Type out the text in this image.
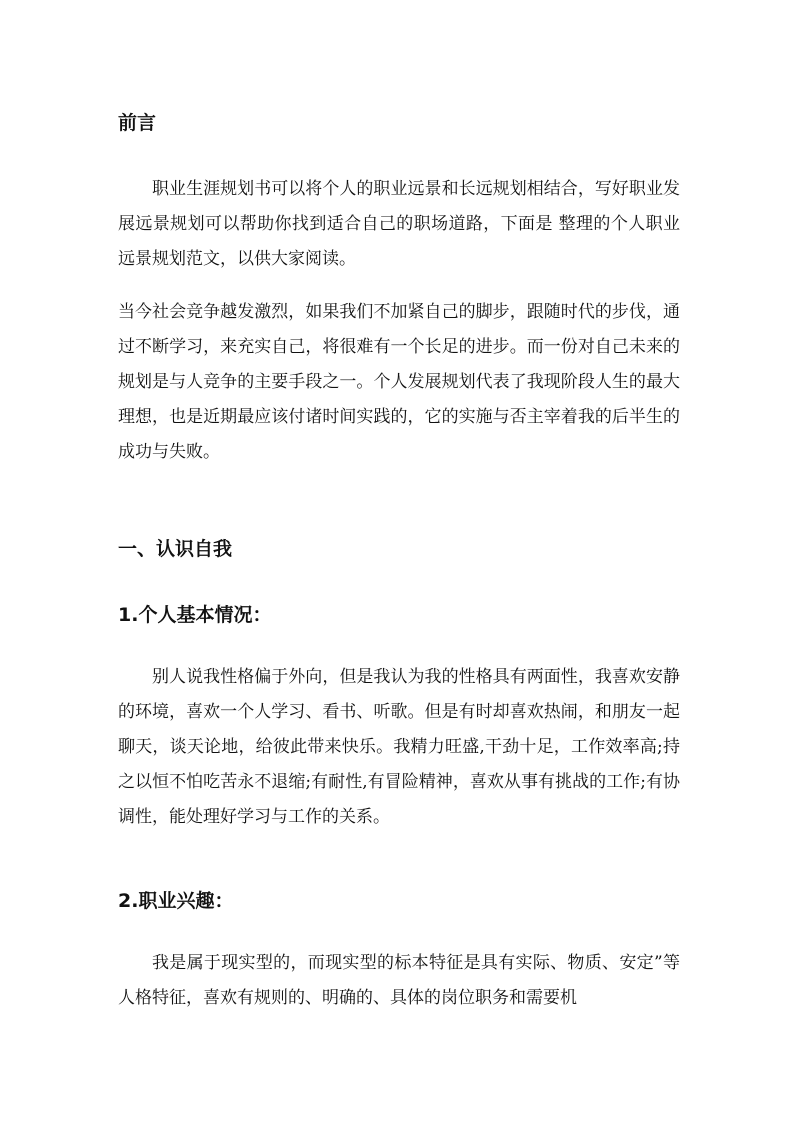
前言

职业生涯规划书可以将个人的职业远景和长远规划相结合，写好职业发展远景规划可以帮助你找到适合自己的职场道路，下面是 整理的个人职业远景规划范文，以供大家阅读。

当今社会竞争越发激烈，如果我们不加紧自己的脚步，跟随时代的步伐，通过不断学习，来充实自己，将很难有一个长足的进步。而一份对自己未来的规划是与人竞争的主要手段之一。个人发展规划代表了我现阶段人生的最大理想，也是近期最应该付诸时间实践的，它的实施与否主宰着我的后半生的成功与失败。

一、认识自我
1.个人基本情况：

别人说我性格偏于外向，但是我认为我的性格具有两面性，我喜欢安静的环境，喜欢一个人学习、看书、听歌。但是有时却喜欢热闹，和朋友一起聊天，谈天论地，给彼此带来快乐。我精力旺盛,干劲十足，工作效率高;持之以恒不怕吃苦永不退缩;有耐性,有冒险精神，喜欢从事有挑战的工作;有协调性，能处理好学习与工作的关系。

2.职业兴趣：

我是属于现实型的，而现实型的标本特征是具有实际、物质、安定”等人格特征，喜欢有规则的、明确的、具体的岗位职务和需要机
